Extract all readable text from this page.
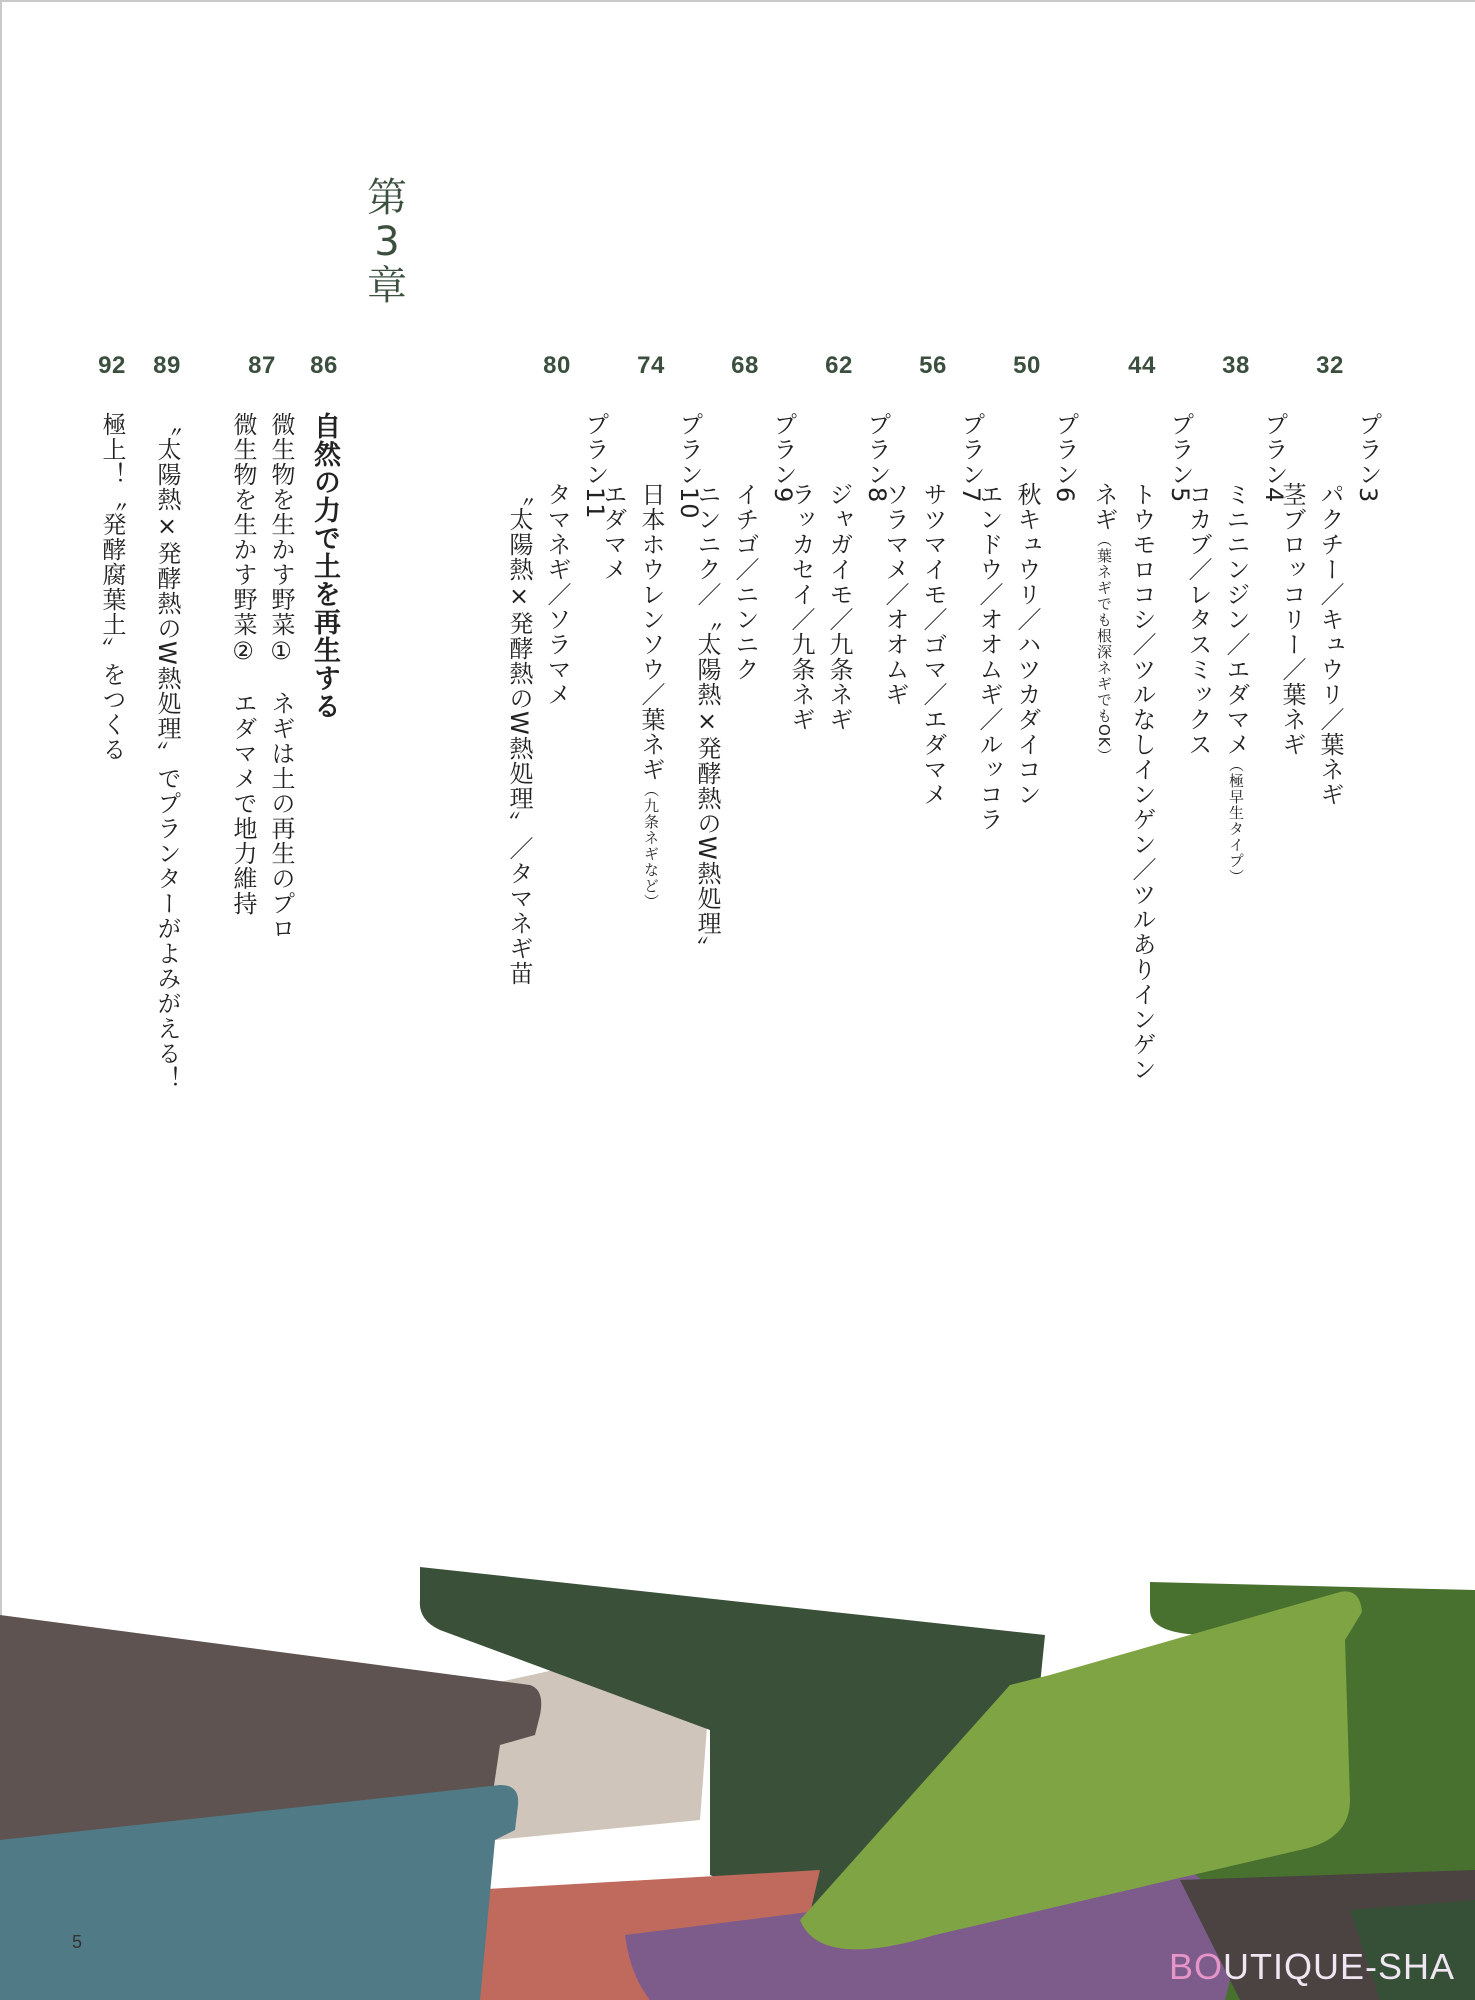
第
3
章
32
プラン3
パクチー／キュウリ／葉ネギ
茎ブロッコリー／葉ネギ
38
プラン4
ミニニンジン／エダマメ（極早生タイプ）
コカブ／レタスミックス
44
プラン5
トウモロコシ／ツルなしインゲン／ツルありインゲン
ネギ（葉ネギでも根深ネギでもOK）
50
プラン6
秋キュウリ／ハツカダイコン
エンドウ／オオムギ／ルッコラ
56
プラン7
サツマイモ／ゴマ／エダマメ
ソラマメ／オオムギ
62
プラン8
ジャガイモ／九条ネギ
ラッカセイ／九条ネギ
68
プラン9
イチゴ／ニンニク
ニンニク／〝太陽熱×発酵熱のW熱処理〞
74
プラン10
日本ホウレンソウ／葉ネギ（九条ネギなど）
エダマメ
80
プラン11
タマネギ／ソラマメ
〝太陽熱×発酵熱のW熱処理〞／タマネギ苗
86
自然の力で土を再生する
87
微生物を生かす野菜①　ネギは土の再生のプロ
微生物を生かす野菜②　エダマメで地力維持
89
〝太陽熱×発酵熱のW熱処理〞でプランターがよみがえる！
92
極上！〝発酵腐葉土〞をつくる
5
BOUTIQUE-SHA
